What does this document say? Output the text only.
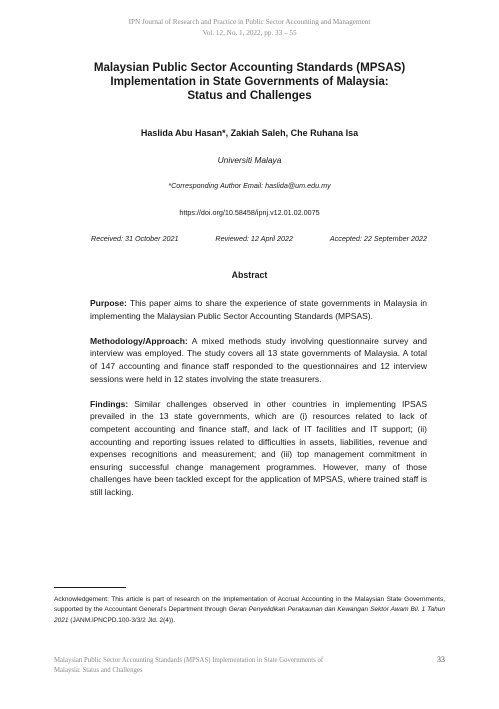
IPN Journal of Research and Practice in Public Sector Accounting and Management
Vol. 12, No. 1, 2022, pp. 33 – 55
Malaysian Public Sector Accounting Standards (MPSAS)
Implementation in State Governments of Malaysia:
Status and Challenges
Haslida Abu Hasan*, Zakiah Saleh, Che Ruhana Isa
Universiti Malaya
*Corresponding Author Email: haslida@um.edu.my
https://doi.org/10.58458/ipnj.v12.01.02.0075
Received: 31 October 2021	Reviewed: 12 April 2022	Accepted: 22 September 2022
Abstract

Purpose: This paper aims to share the experience of state governments in Malaysia in implementing the Malaysian Public Sector Accounting Standards (MPSAS).

Methodology/Approach: A mixed methods study involving questionnaire survey and interview was employed. The study covers all 13 state governments of Malaysia. A total of 147 accounting and finance staff responded to the questionnaires and 12 interview sessions were held in 12 states involving the state treasurers.

Findings: Similar challenges observed in other countries in implementing IPSAS prevailed in the 13 state governments, which are (i) resources related to lack of competent accounting and finance staff, and lack of IT facilities and IT support; (ii) accounting and reporting issues related to difficulties in assets, liabilities, revenue and expenses recognitions and measurement; and (iii) top management commitment in ensuring successful change management programmes. However, many of those challenges have been tackled except for the application of MPSAS, where trained staff is still lacking.

Acknowledgement: This article is part of research on the Implementation of Accrual Accounting in the Malaysian State Governments, supported by the Accountant General’s Department through Geran Penyelidikan Perakaunan dan Kewangan Sektor Awam Bil. 1 Tahun 2021 (JANM.IPNCPD.100-3/3/2 Jld. 2(4)).
Malaysian Public Sector Accounting Standards (MPSAS) Implementation in State Governments of
Malaysia: Status and Challenges
33
